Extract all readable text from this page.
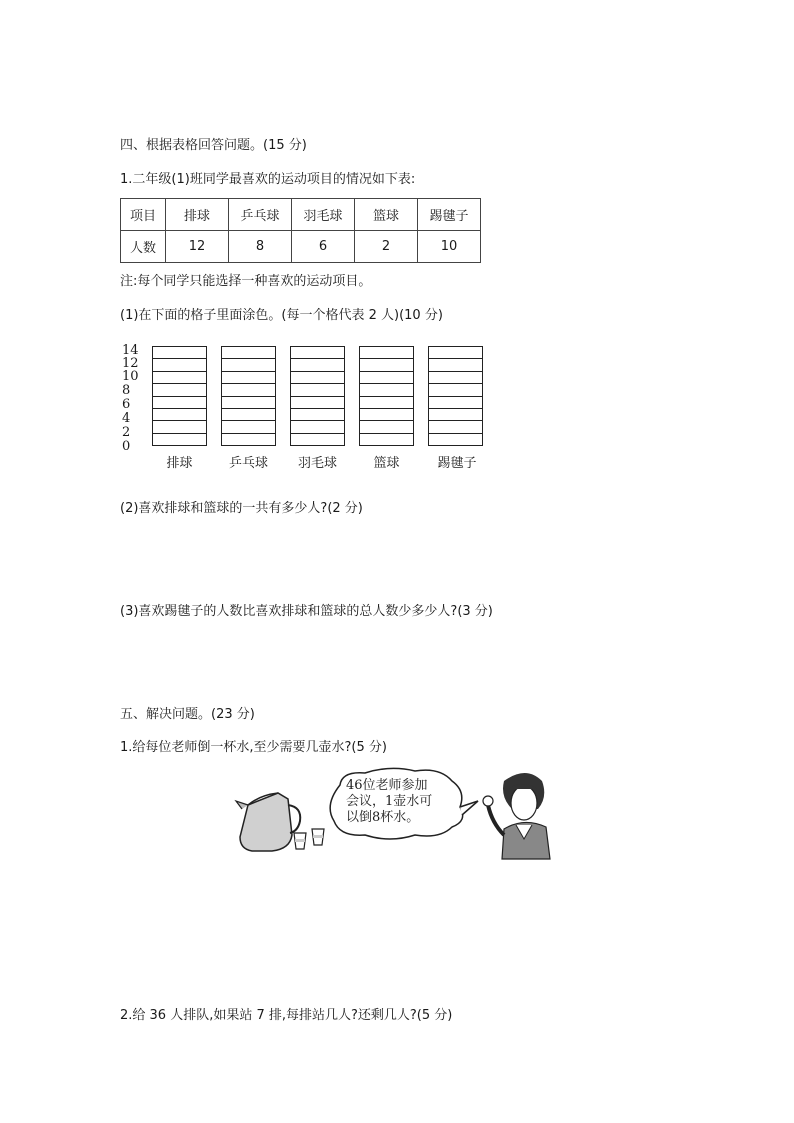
四、根据表格回答问题。(15 分)
1.二年级(1)班同学最喜欢的运动项目的情况如下表:
项目	排球	乒乓球	羽毛球	篮球	踢毽子
人数	12	8	6	2	10
注:每个同学只能选择一种喜欢的运动项目。
(1)在下面的格子里面涂色。(每一个格代表 2 人)(10 分)
14
12
10
8
6
4
2
0
排球	乒乓球	羽毛球	篮球	踢毽子
(2)喜欢排球和篮球的一共有多少人?(2 分)
(3)喜欢踢毽子的人数比喜欢排球和篮球的总人数少多少人?(3 分)
五、解决问题。(23 分)
1.给每位老师倒一杯水,至少需要几壶水?(5 分)
46位老师参加
会议，1壶水可
以倒8杯水。
2.给 36 人排队,如果站 7 排,每排站几人?还剩几人?(5 分)
